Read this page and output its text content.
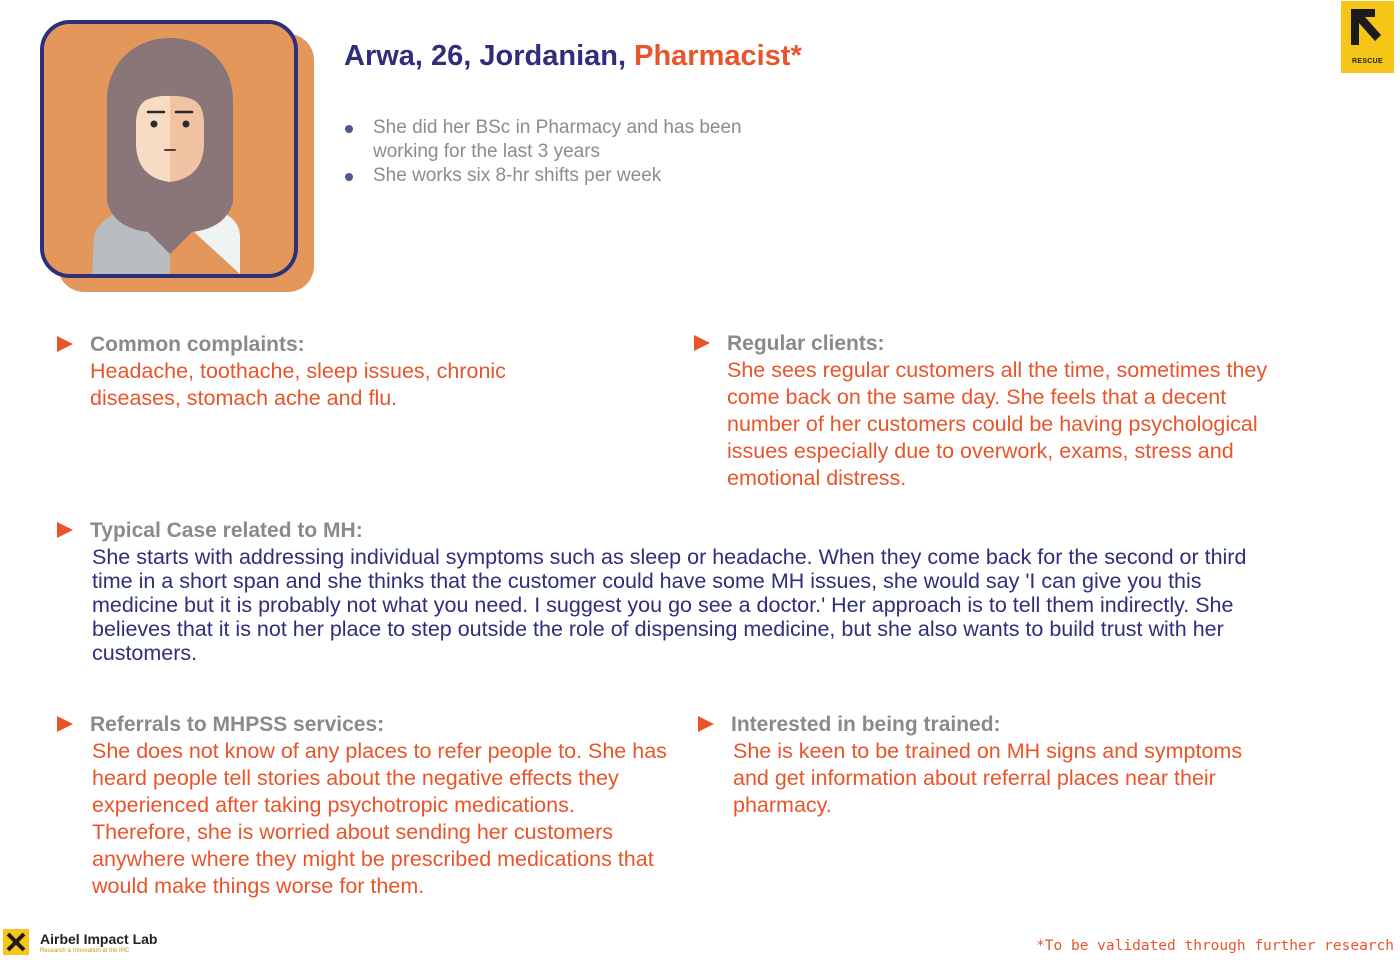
Arwa, 26, Jordanian, Pharmacist*
She did her BSc in Pharmacy and has been working for the last 3 years
She works six 8-hr shifts per week
Common complaints:
Headache, toothache, sleep issues, chronic diseases, stomach ache and flu.
Regular clients:
She sees regular customers all the time, sometimes they come back on the same day. She feels that a decent number of her customers could be having psychological issues especially due to overwork, exams, stress and emotional distress.
Typical Case related to MH:
She starts with addressing individual symptoms such as sleep or headache. When they come back for the second or third time in a short span and she thinks that the customer could have some MH issues, she would say 'I can give you this medicine but it is probably not what you need. I suggest you go see a doctor.' Her approach is to tell them indirectly. She believes that it is not her place to step outside the role of dispensing medicine, but she also wants to build trust with her customers.
Referrals to MHPSS services:
She does not know of any places to refer people to. She has heard people tell stories about the negative effects they experienced after taking psychotropic medications. Therefore, she is worried about sending her customers anywhere where they might be prescribed medications that would make things worse for them.
Interested in being trained:
She is keen to be trained on MH signs and symptoms and get information about referral places near their pharmacy.
RESCUE
Airbel Impact Lab
Research & Innovation at the IRC	*To be validated through further research
